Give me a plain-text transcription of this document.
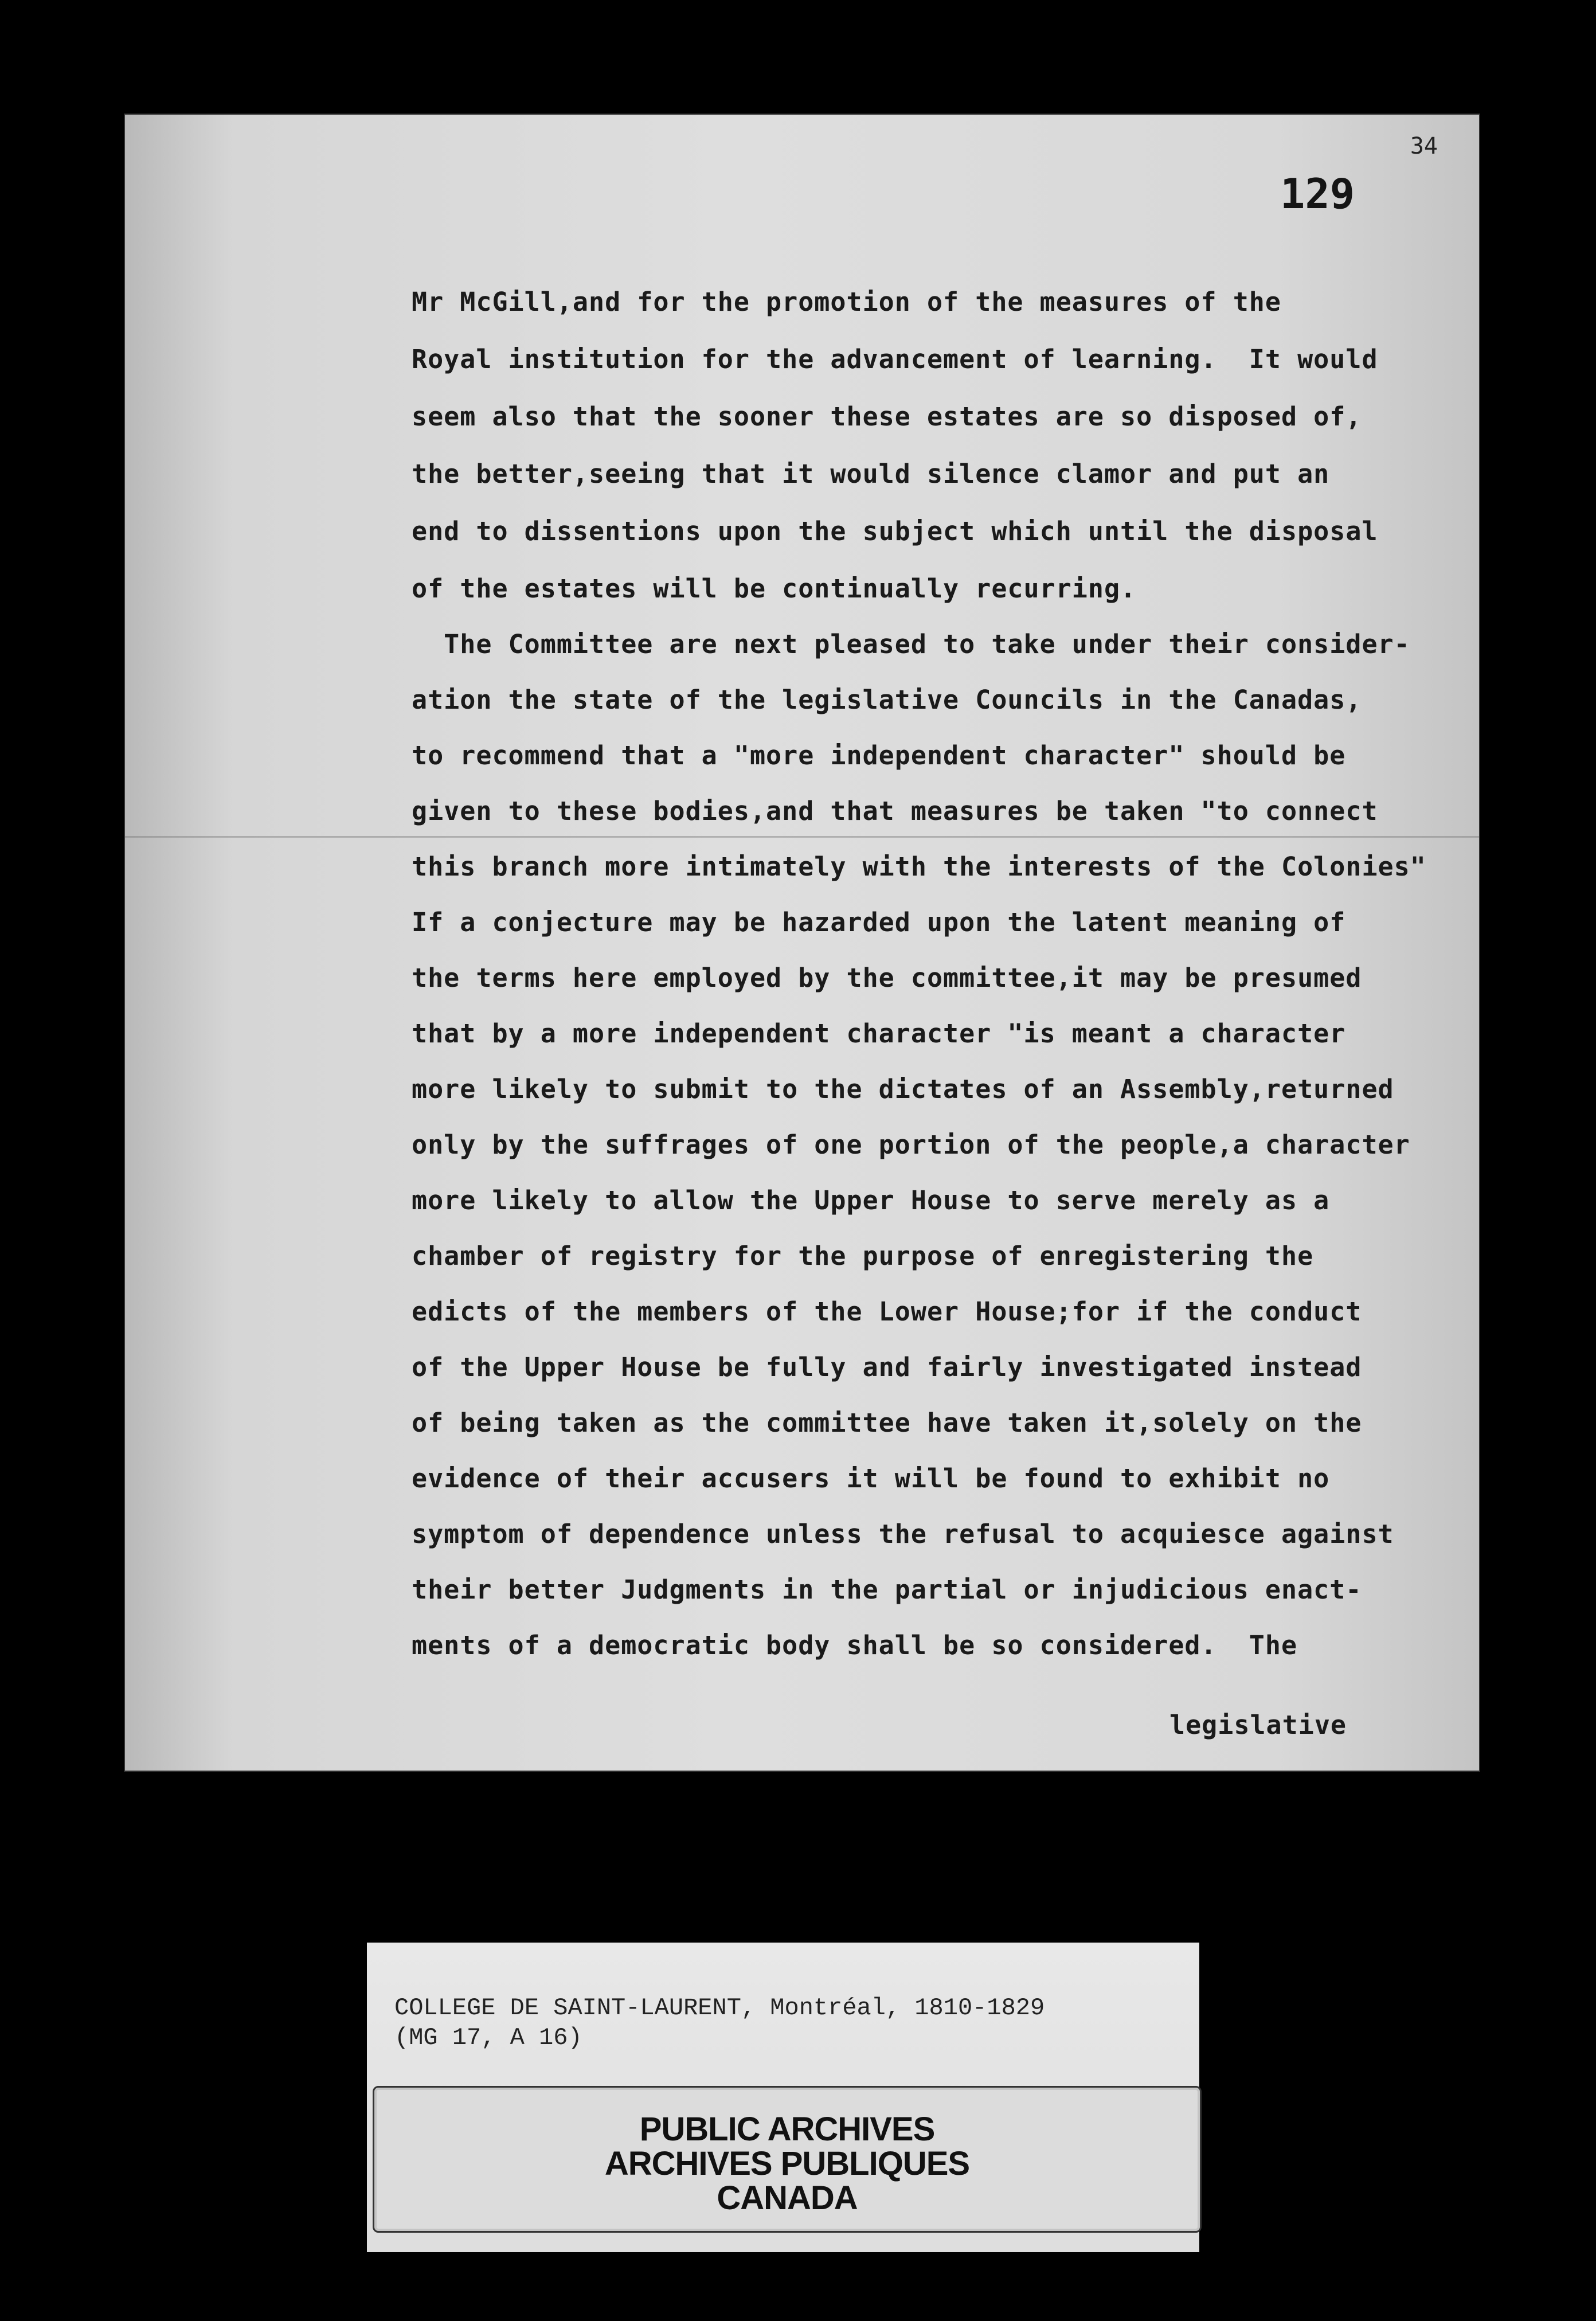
34
129
Mr McGill,and for the promotion of the measures of the
Royal institution for the advancement of learning.  It would
seem also that the sooner these estates are so disposed of,
the better,seeing that it would silence clamor and put an
end to dissentions upon the subject which until the disposal
of the estates will be continually recurring.
The Committee are next pleased to take under their consider-
ation the state of the legislative Councils in the Canadas,
to recommend that a "more independent character" should be
given to these bodies,and that measures be taken "to connect
this branch more intimately with the interests of the Colonies"
If a conjecture may be hazarded upon the latent meaning of
the terms here employed by the committee,it may be presumed
that by a more independent character "is meant a character
more likely to submit to the dictates of an Assembly,returned
only by the suffrages of one portion of the people,a character
more likely to allow the Upper House to serve merely as a
chamber of registry for the purpose of enregistering the
edicts of the members of the Lower House;for if the conduct
of the Upper House be fully and fairly investigated instead
of being taken as the committee have taken it,solely on the
evidence of their accusers it will be found to exhibit no
symptom of dependence unless the refusal to acquiesce against
their better Judgments in the partial or injudicious enact-
ments of a democratic body shall be so considered.  The
legislative
COLLEGE DE SAINT-LAURENT, Montréal, 1810-1829
(MG 17, A 16)
PUBLIC ARCHIVES
ARCHIVES PUBLIQUES
CANADA
